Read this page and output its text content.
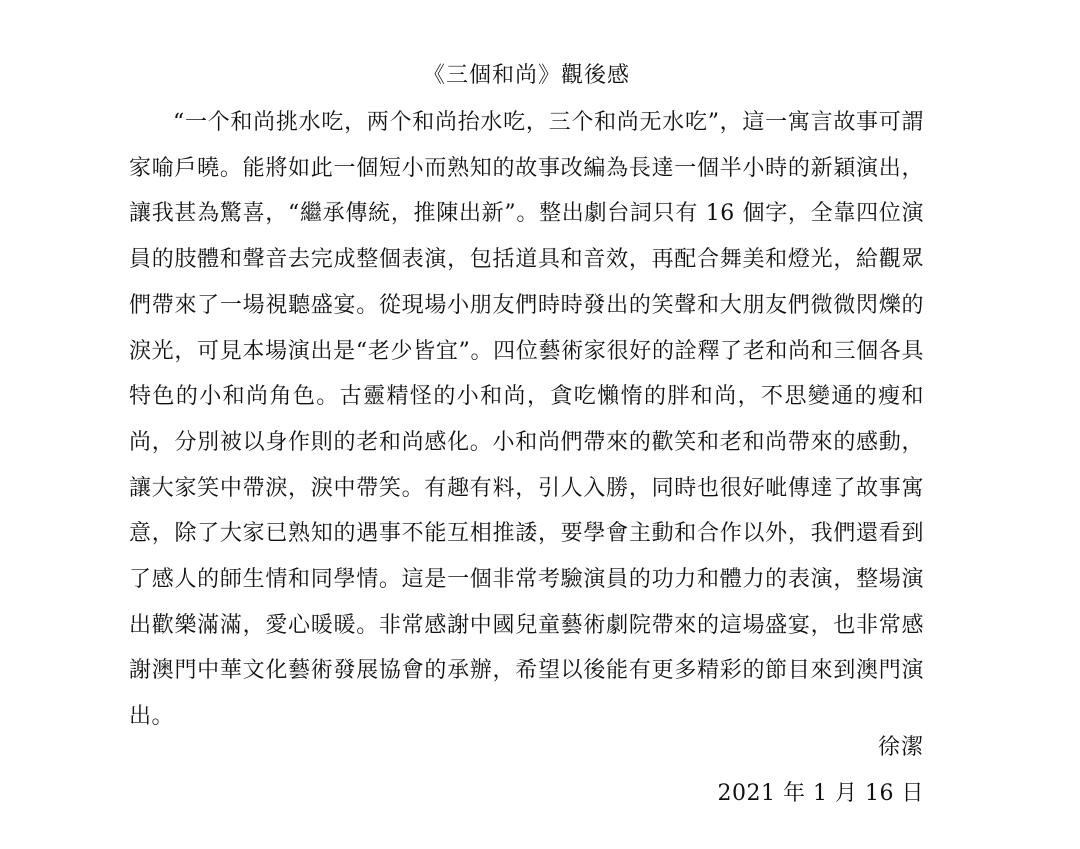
《三個和尚》觀後感

“一个和尚挑水吃，两个和尚抬水吃，三个和尚无水吃”，這一寓言故事可謂家喻戶曉。能將如此一個短小而熟知的故事改編為長達一個半小時的新穎演出，讓我甚為驚喜，“繼承傳統，推陳出新”。整出劇台詞只有 16 個字，全靠四位演員的肢體和聲音去完成整個表演，包括道具和音效，再配合舞美和燈光，給觀眾們帶來了一場視聽盛宴。從現場小朋友們時時發出的笑聲和大朋友們微微閃爍的淚光，可見本場演出是“老少皆宜”。四位藝術家很好的詮釋了老和尚和三個各具特色的小和尚角色。古靈精怪的小和尚，貪吃懶惰的胖和尚，不思變通的瘦和尚，分別被以身作則的老和尚感化。小和尚們帶來的歡笑和老和尚帶來的感動，讓大家笑中帶淚，淚中帶笑。有趣有料，引人入勝，同時也很好呲傳達了故事寓意，除了大家已熟知的遇事不能互相推諉，要學會主動和合作以外，我們還看到了感人的師生情和同學情。這是一個非常考驗演員的功力和體力的表演，整場演出歡樂滿滿，愛心暖暖。非常感謝中國兒童藝術劇院帶來的這場盛宴，也非常感謝澳門中華文化藝術發展協會的承辦，希望以後能有更多精彩的節目來到澳門演出。

徐潔
2021 年 1 月 16 日
